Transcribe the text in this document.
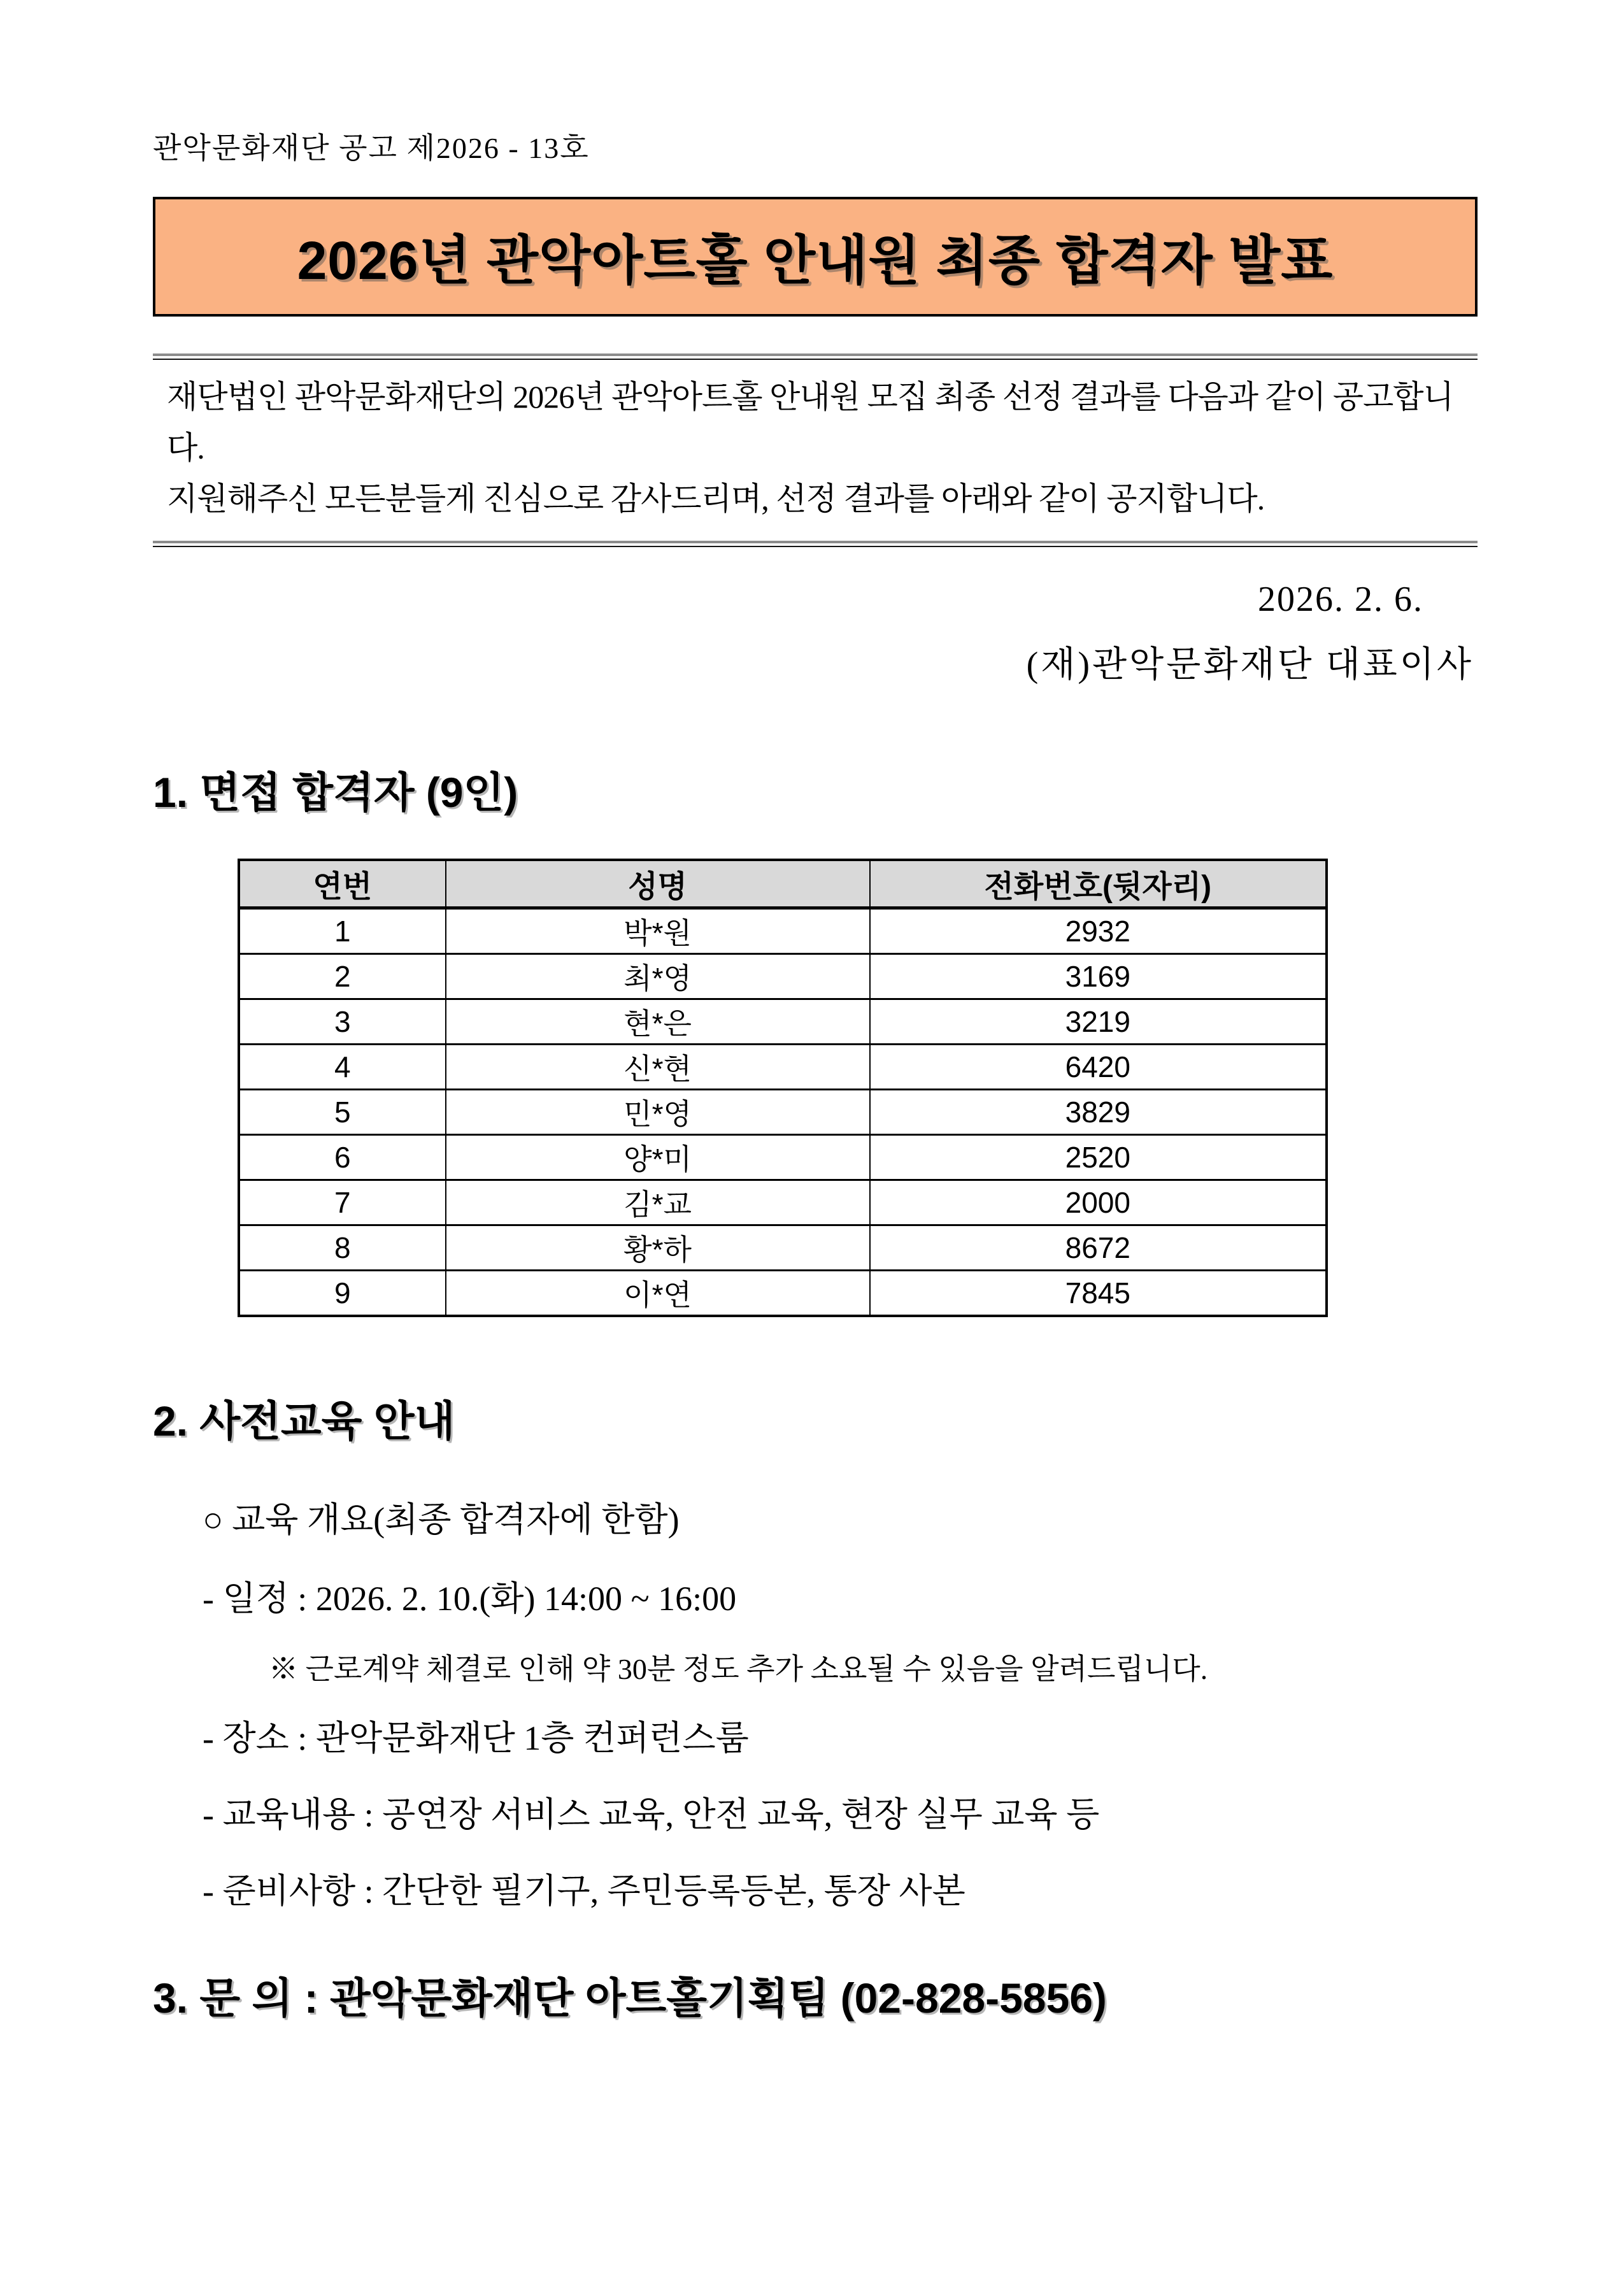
관악문화재단 공고 제2026 - 13호
2026년 관악아트홀 안내원 최종 합격자 발표

재단법인 관악문화재단의 2026년 관악아트홀 안내원 모집 최종 선정 결과를 다음과 같이 공고합니다.

지원해주신 모든분들게 진심으로 감사드리며, 선정 결과를 아래와 같이 공지합니다.

2026. 2. 6.
(재)관악문화재단 대표이사
1. 면접 합격자 (9인)
연번	성명	전화번호(뒷자리)
1	박*원	2932
2	최*영	3169
3	현*은	3219
4	신*현	6420
5	민*영	3829
6	양*미	2520
7	김*교	2000
8	황*하	8672
9	이*연	7845
2. 사전교육 안내
○ 교육 개요(최종 합격자에 한함)
- 일정 : 2026. 2. 10.(화) 14:00 ~ 16:00
※ 근로계약 체결로 인해 약 30분 정도 추가 소요될 수 있음을 알려드립니다.
- 장소 : 관악문화재단 1층 컨퍼런스룸
- 교육내용 : 공연장 서비스 교육, 안전 교육, 현장 실무 교육 등
- 준비사항 : 간단한 필기구, 주민등록등본, 통장 사본
3. 문 의 : 관악문화재단 아트홀기획팀 (02-828-5856)
